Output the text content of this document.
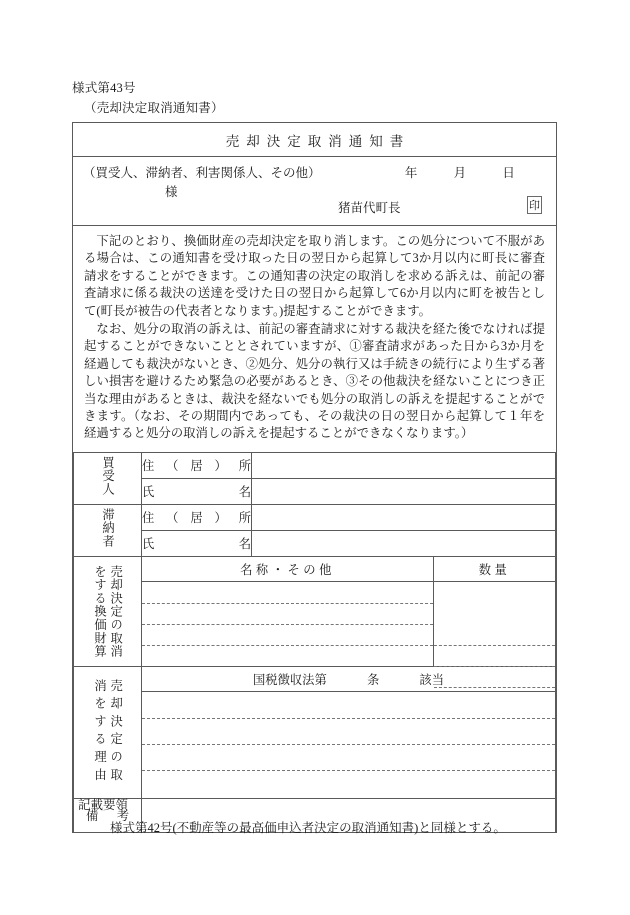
様式第43号
（売却決定取消通知書）
売却決定取消通知書
（買受人、滞納者、利害関係人、その他）
様
年	月	日
猪苗代町長	印

下記のとおり、換価財産の売却決定を取り消します。この処分について不服がある場合は、この通知書を受け取った日の翌日から起算して3か月以内に町長に審査請求をすることができます。この通知書の決定の取消しを求める訴えは、前記の審査請求に係る裁決の送達を受けた日の翌日から起算して6か月以内に町を被告として(町長が被告の代表者となります。)提起することができます。

なお、処分の取消の訴えは、前記の審査請求に対する裁決を経た後でなければ提起することができないこととされていますが、①審査請求があった日から3か月を経過しても裁決がないとき、②処分、処分の執行又は手続きの続行により生ずる著しい損害を避けるため緊急の必要があるとき、③その他裁決を経ないことにつき正当な理由があるときは、裁決を経ないでも処分の取消しの訴えを提起することができます。（なお、その期間内であっても、その裁決の日の翌日から起算して１年を経過すると処分の取消しの訴えを提起することができなくなります。）

買受人	住 （ 居 ） 所	

	氏 名	

滞納者	住 （ 居 ） 所	

	氏 名	

売却決定の取消
をする換価財算	名称・その他	数量

売却決定の取
消をする理由	国税徴収法第	条	該当

備 考

記載要領
様式第42号(不動産等の最高価申込者決定の取消通知書)と同様とする。
